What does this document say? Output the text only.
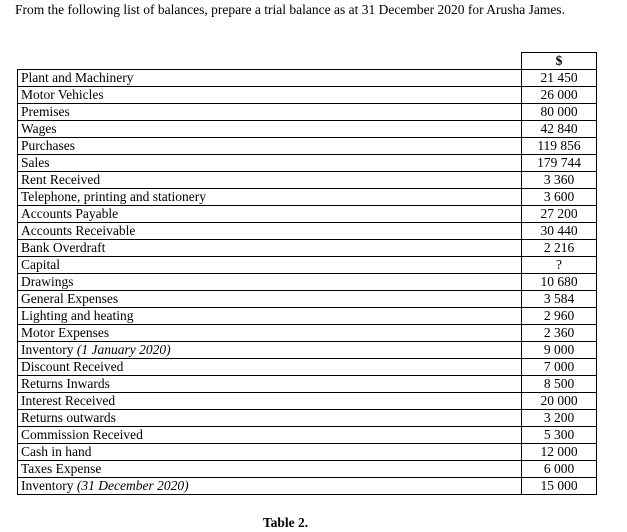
From the following list of balances, prepare a trial balance as at 31 December 2020 for Arusha James.
	$
Plant and Machinery	21 450
Motor Vehicles	26 000
Premises	80 000
Wages	42 840
Purchases	119 856
Sales	179 744
Rent Received	3 360
Telephone, printing and stationery	3 600
Accounts Payable	27 200
Accounts Receivable	30 440
Bank Overdraft	2 216
Capital	?
Drawings	10 680
General Expenses	3 584
Lighting and heating	2 960
Motor Expenses	2 360
Inventory (1 January 2020)	9 000
Discount Received	7 000
Returns Inwards	8 500
Interest Received	20 000
Returns outwards	3 200
Commission Received	5 300
Cash in hand	12 000
Taxes Expense	6 000
Inventory (31 December 2020)	15 000
Table 2.
